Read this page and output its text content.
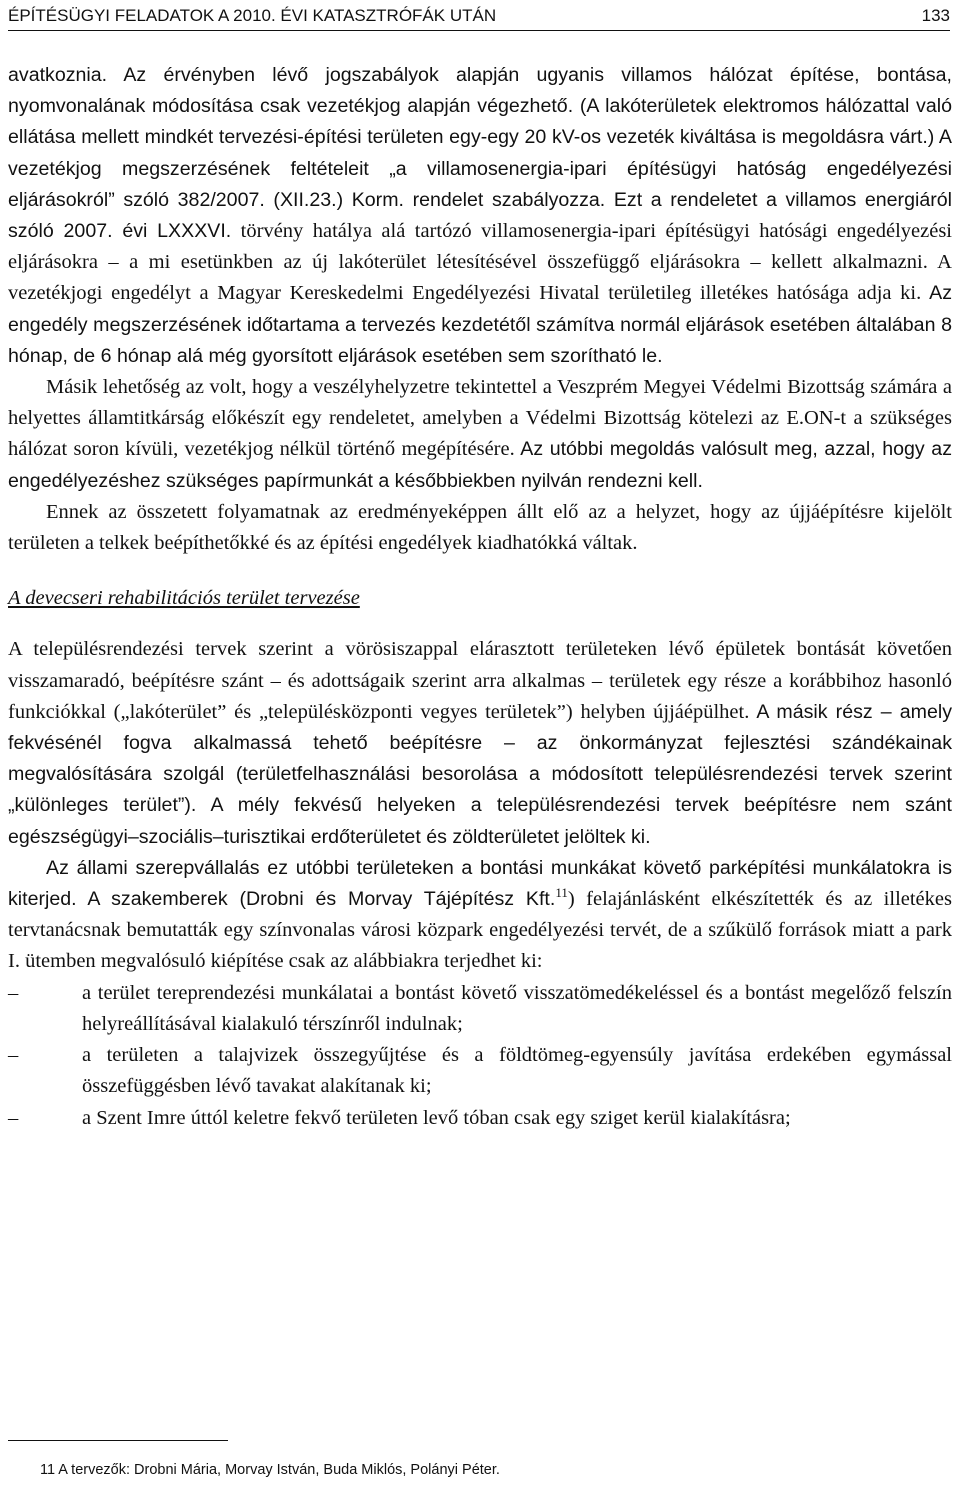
ÉPÍTÉSÜGYI FELADATOK A 2010. ÉVI KATASZTRÓFÁK UTÁN	133

avatkoznia. Az érvényben lévő jogszabályok alapján ugyanis villamos hálózat építése, bontása, nyomvonalának módosítása csak vezetékjog alapján végezhető. (A lakóterületek elektromos hálózattal való ellátása mellett mindkét tervezési-építési területen egy-egy 20 kV-os vezeték kiváltása is megoldásra várt.) A vezetékjog megszerzésének feltételeit „a villamosenergia-ipari építésügyi hatóság engedélyezési eljárásokról” szóló 382/2007. (XII.23.) Korm. rendelet szabályozza. Ezt a rendeletet a villamos energiáról szóló 2007. évi LXXXVI. törvény hatálya alá tartózó villamosenergia-ipari építésügyi hatósági engedélyezési eljárásokra – a mi esetünkben az új lakóterület létesítésével összefüggő eljárásokra – kellett alkalmazni. A vezetékjogi engedélyt a Magyar Kereskedelmi Engedélyezési Hivatal területileg illetékes hatósága adja ki. Az engedély megszerzésének időtartama a tervezés kezdetétől számítva normál eljárások esetében általában 8 hónap, de 6 hónap alá még gyorsított eljárások esetében sem szorítható le.

Másik lehetőség az volt, hogy a veszélyhelyzetre tekintettel a Veszprém Megyei Védelmi Bizottság számára a helyettes államtitkárság előkészít egy rendeletet, amelyben a Védelmi Bizottság kötelezi az E.ON-t a szükséges hálózat soron kívüli, vezetékjog nélkül történő megépítésére. Az utóbbi megoldás valósult meg, azzal, hogy az engedélyezéshez szükséges papírmunkát a későbbiekben nyilván rendezni kell.

Ennek az összetett folyamatnak az eredményeképpen állt elő az a helyzet, hogy az újjáépítésre kijelölt területen a telkek beépíthetőkké és az építési engedélyek kiadhatókká váltak.

A devecseri rehabilitációs terület tervezése

A településrendezési tervek szerint a vörösiszappal elárasztott területeken lévő épületek bontását követően visszamaradó, beépítésre szánt – és adottságaik szerint arra alkalmas – területek egy része a korábbihoz hasonló funkciókkal („lakóterület” és „településközponti vegyes területek”) helyben újjáépülhet. A másik rész – amely fekvésénél fogva alkalmassá tehető beépítésre – az önkormányzat fejlesztési szándékainak megvalósítására szolgál (területfelhasználási besorolása a módosított településrendezési tervek szerint „különleges terület”). A mély fekvésű helyeken a településrendezési tervek beépítésre nem szánt egészségügyi–szociális–turisztikai erdőterületet és zöldterületet jelöltek ki.

Az állami szerepvállalás ez utóbbi területeken a bontási munkákat követő parképítési munkálatokra is kiterjed. A szakemberek (Drobni és Morvay Tájépítész Kft.$^{11}$) felajánlásként elkészítették és az illetékes tervtanácsnak bemutatták egy színvonalas városi közpark engedélyezési tervét, de a szűkülő források miatt a park I. ütemben megvalósuló kiépítése csak az alábbiakra terjedhet ki:

–	a terület tereprendezési munkálatai a bontást követő visszatömedékeléssel és a bontást megelőző felszín helyreállításával kialakuló térszínről indulnak;
–	a területen a talajvizek összegyűjtése és a földtömeg-egyensúly javítása erdekében egymással összefüggésben lévő tavakat alakítanak ki;
–	a Szent Imre úttól keletre fekvő területen levő tóban csak egy sziget kerül kialakításra;
11 A tervezők: Drobni Mária, Morvay István, Buda Miklós, Polányi Péter.
